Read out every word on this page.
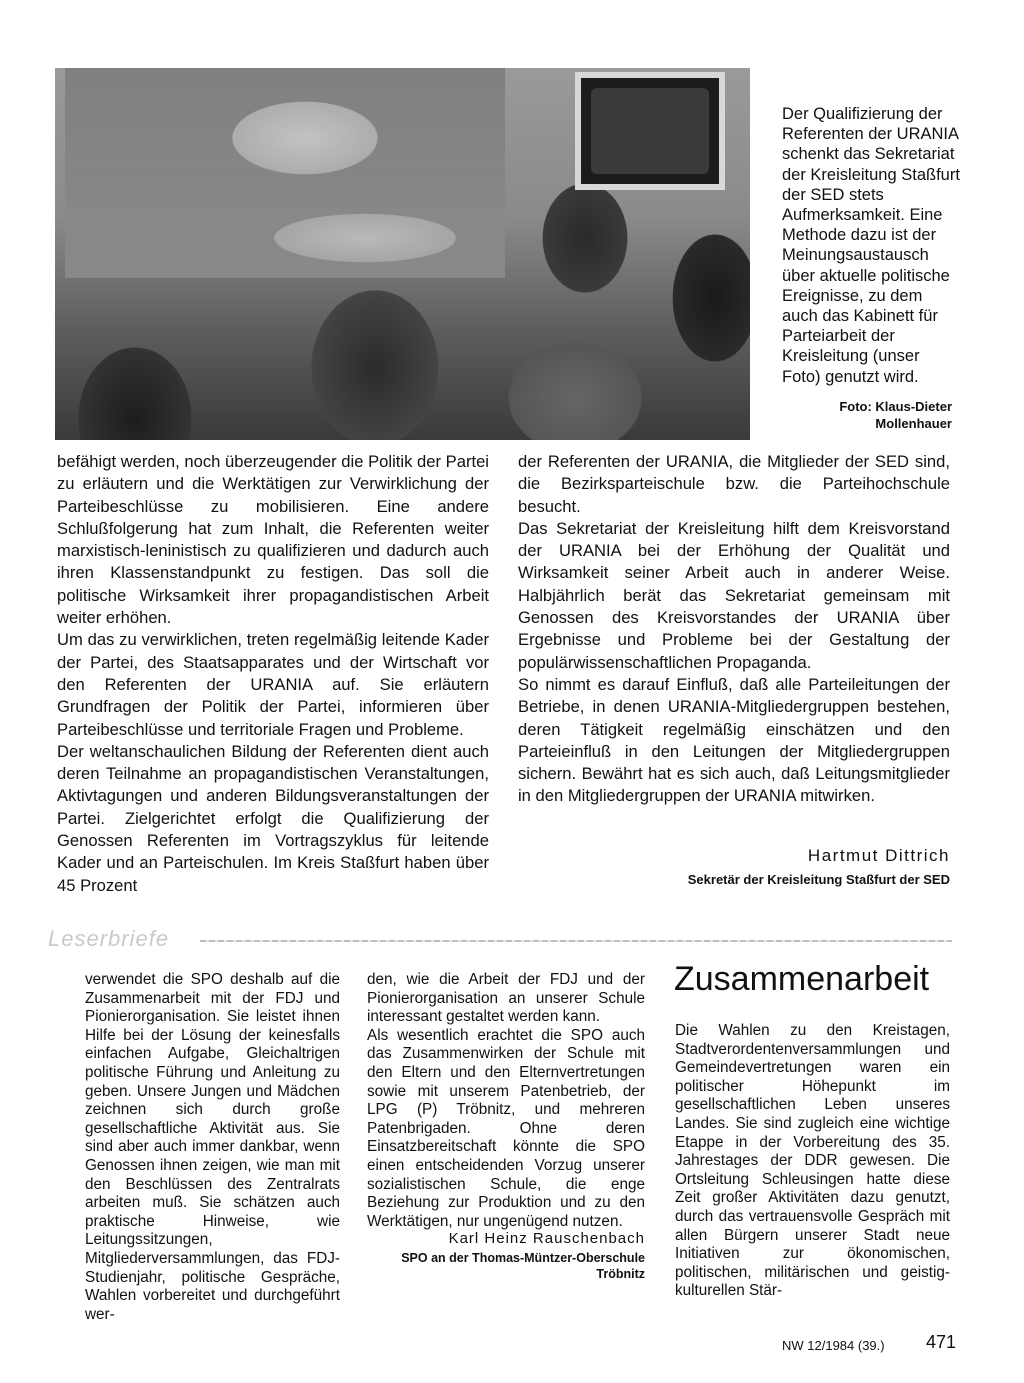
Der Qualifizierung der Referenten der URANIA schenkt das Sekretariat der Kreisleitung Staßfurt der SED stets Aufmerksamkeit. Eine Methode dazu ist der Meinungsaustausch über aktuelle politische Ereignisse, zu dem auch das Kabinett für Parteiarbeit der Kreisleitung (unser Foto) genutzt wird.
Foto: Klaus-Dieter Mollenhauer

befähigt werden, noch überzeugender die Politik der Partei zu erläutern und die Werktätigen zur Verwirklichung der Parteibeschlüsse zu mobilisieren. Eine andere Schlußfolgerung hat zum Inhalt, die Referenten weiter marxistisch-leninistisch zu qualifizieren und dadurch auch ihren Klassenstandpunkt zu festigen. Das soll die politische Wirksamkeit ihrer propagandistischen Arbeit weiter erhöhen.

Um das zu verwirklichen, treten regelmäßig leitende Kader der Partei, des Staatsapparates und der Wirtschaft vor den Referenten der URANIA auf. Sie erläutern Grundfragen der Politik der Partei, informieren über Parteibeschlüsse und territoriale Fragen und Probleme.

Der weltanschaulichen Bildung der Referenten dient auch deren Teilnahme an propagandistischen Veranstaltungen, Aktivtagungen und anderen Bildungsveranstaltungen der Partei. Zielgerichtet erfolgt die Qualifizierung der Genossen Referenten im Vortragszyklus für leitende Kader und an Parteischulen. Im Kreis Staßfurt haben über 45 Prozent

der Referenten der URANIA, die Mitglieder der SED sind, die Bezirksparteischule bzw. die Parteihochschule besucht.

Das Sekretariat der Kreisleitung hilft dem Kreisvorstand der URANIA bei der Erhöhung der Qualität und Wirksamkeit seiner Arbeit auch in anderer Weise. Halbjährlich berät das Sekretariat gemeinsam mit Genossen des Kreisvorstandes der URANIA über Ergebnisse und Probleme bei der Gestaltung der populärwissenschaftlichen Propaganda.

So nimmt es darauf Einfluß, daß alle Parteileitungen der Betriebe, in denen URANIA-Mitgliedergruppen bestehen, deren Tätigkeit regelmäßig einschätzen und den Parteieinfluß in den Leitungen der Mitgliedergruppen sichern. Bewährt hat es sich auch, daß Leitungsmitglieder in den Mitgliedergruppen der URANIA mitwirken.

Hartmut Dittrich
Sekretär der Kreisleitung Staßfurt der SED
Leserbriefe

verwendet die SPO deshalb auf die Zusammenarbeit mit der FDJ und Pionierorganisation. Sie leistet ihnen Hilfe bei der Lösung der keinesfalls einfachen Aufgabe, Gleichaltrigen politische Führung und Anleitung zu geben. Unsere Jungen und Mädchen zeichnen sich durch große gesellschaftliche Aktivität aus. Sie sind aber auch immer dankbar, wenn Genossen ihnen zeigen, wie man mit den Beschlüssen des Zentralrats arbeiten muß. Sie schätzen auch praktische Hinweise, wie Leitungssitzungen, Mitgliederversammlungen, das FDJ-Studienjahr, politische Gespräche, Wahlen vorbereitet und durchgeführt wer-

den, wie die Arbeit der FDJ und der Pionierorganisation an unserer Schule interessant gestaltet werden kann.

Als wesentlich erachtet die SPO auch das Zusammenwirken der Schule mit den Eltern und den Elternvertretungen sowie mit unserem Patenbetrieb, der LPG (P) Tröbnitz, und mehreren Patenbrigaden. Ohne deren Einsatzbereitschaft könnte die SPO einen entscheidenden Vorzug unserer sozialistischen Schule, die enge Beziehung zur Produktion und zu den Werktätigen, nur ungenügend nutzen.

Karl Heinz Rauschenbach
SPO an der Thomas-Müntzer-Oberschule
Tröbnitz
Zusammenarbeit

Die Wahlen zu den Kreistagen, Stadtverordentenversammlungen und Gemeindevertretungen waren ein politischer Höhepunkt im gesellschaftlichen Leben unseres Landes. Sie sind zugleich eine wichtige Etappe in der Vorbereitung des 35. Jahrestages der DDR gewesen. Die Ortsleitung Schleusingen hatte diese Zeit großer Aktivitäten dazu genutzt, durch das vertrauensvolle Gespräch mit allen Bürgern unserer Stadt neue Initiativen zur ökonomischen, politischen, militärischen und geistig-kulturellen Stär-

NW 12/1984 (39.) 471
